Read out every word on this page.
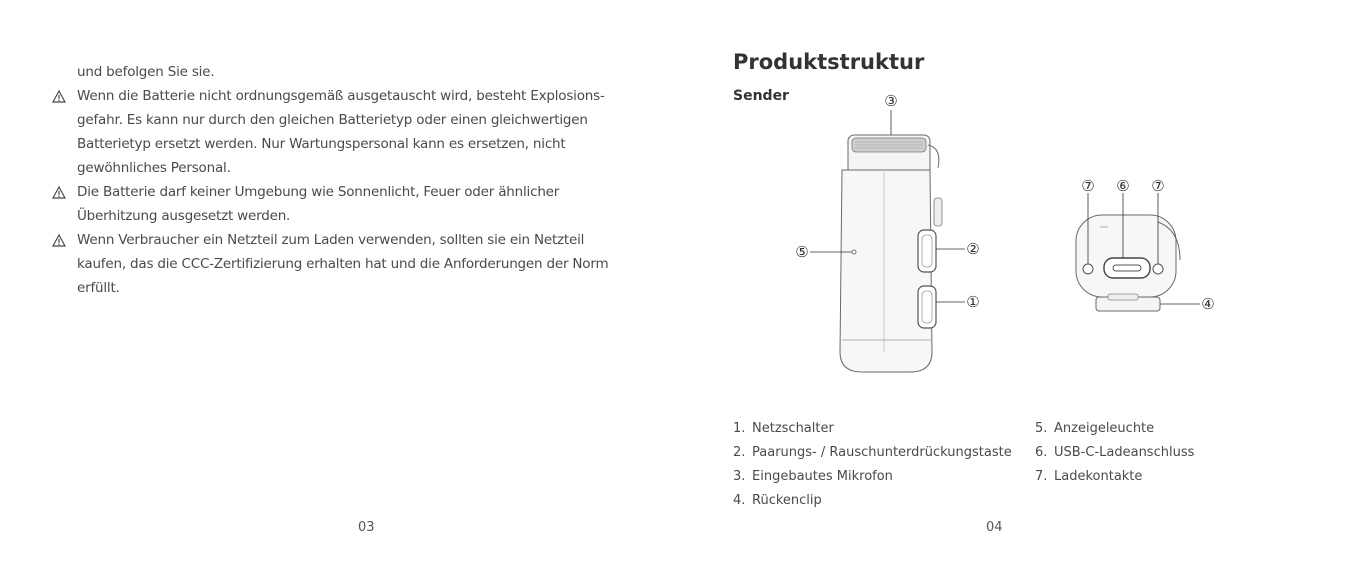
und befolgen Sie sie.
Wenn die Batterie nicht ordnungsgemäß ausgetauscht wird, besteht Explosions-
gefahr. Es kann nur durch den gleichen Batterietyp oder einen gleichwertigen
Batterietyp ersetzt werden. Nur Wartungspersonal kann es ersetzen, nicht
gewöhnliches Personal.
Die Batterie darf keiner Umgebung wie Sonnenlicht, Feuer oder ähnlicher
Überhitzung ausgesetzt werden.
Wenn Verbraucher ein Netzteil zum Laden verwenden, sollten sie ein Netzteil
kaufen, das die CCC-Zertifizierung erhalten hat und die Anforderungen der Norm
erfüllt.
03
Produktstruktur
Sender	③
⑤	②
①
⑦ ⑥ ⑦
④
1. Netzschalter
2. Paarungs- / Rauschunterdrückungstaste
3. Eingebautes Mikrofon
4. Rückenclip
5. Anzeigeleuchte
6. USB-C-Ladeanschluss
7. Ladekontakte
04
